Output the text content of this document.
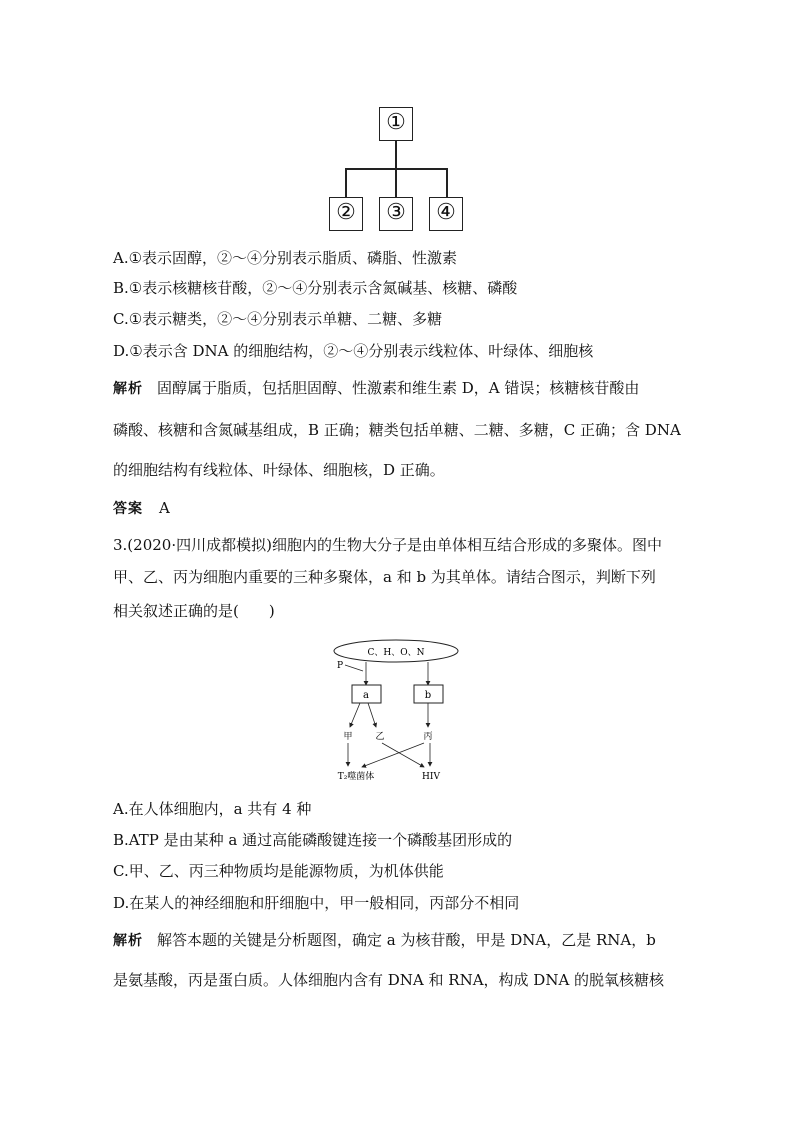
①
②	③	④
A.①表示固醇，②～④分别表示脂质、磷脂、性激素
B.①表示核糖核苷酸，②～④分别表示含氮碱基、核糖、磷酸
C.①表示糖类，②～④分别表示单糖、二糖、多糖
D.①表示含 DNA 的细胞结构，②～④分别表示线粒体、叶绿体、细胞核
解析 固醇属于脂质，包括胆固醇、性激素和维生素 D，A 错误；核糖核苷酸由
磷酸、核糖和含氮碱基组成，B 正确；糖类包括单糖、二糖、多糖，C 正确；含 DNA
的细胞结构有线粒体、叶绿体、细胞核，D 正确。
答案 A
3.(2020·四川成都模拟)细胞内的生物大分子是由单体相互结合形成的多聚体。图中
甲、乙、丙为细胞内重要的三种多聚体，a 和 b 为其单体。请结合图示，判断下列
相关叙述正确的是(　　)
C、H、O、N
P
a	b
甲	乙	丙
T₂噬菌体	HIV
A.在人体细胞内，a 共有 4 种
B.ATP 是由某种 a 通过高能磷酸键连接一个磷酸基团形成的
C.甲、乙、丙三种物质均是能源物质，为机体供能
D.在某人的神经细胞和肝细胞中，甲一般相同，丙部分不相同
解析 解答本题的关键是分析题图，确定 a 为核苷酸，甲是 DNA，乙是 RNA，b
是氨基酸，丙是蛋白质。人体细胞内含有 DNA 和 RNA，构成 DNA 的脱氧核糖核
